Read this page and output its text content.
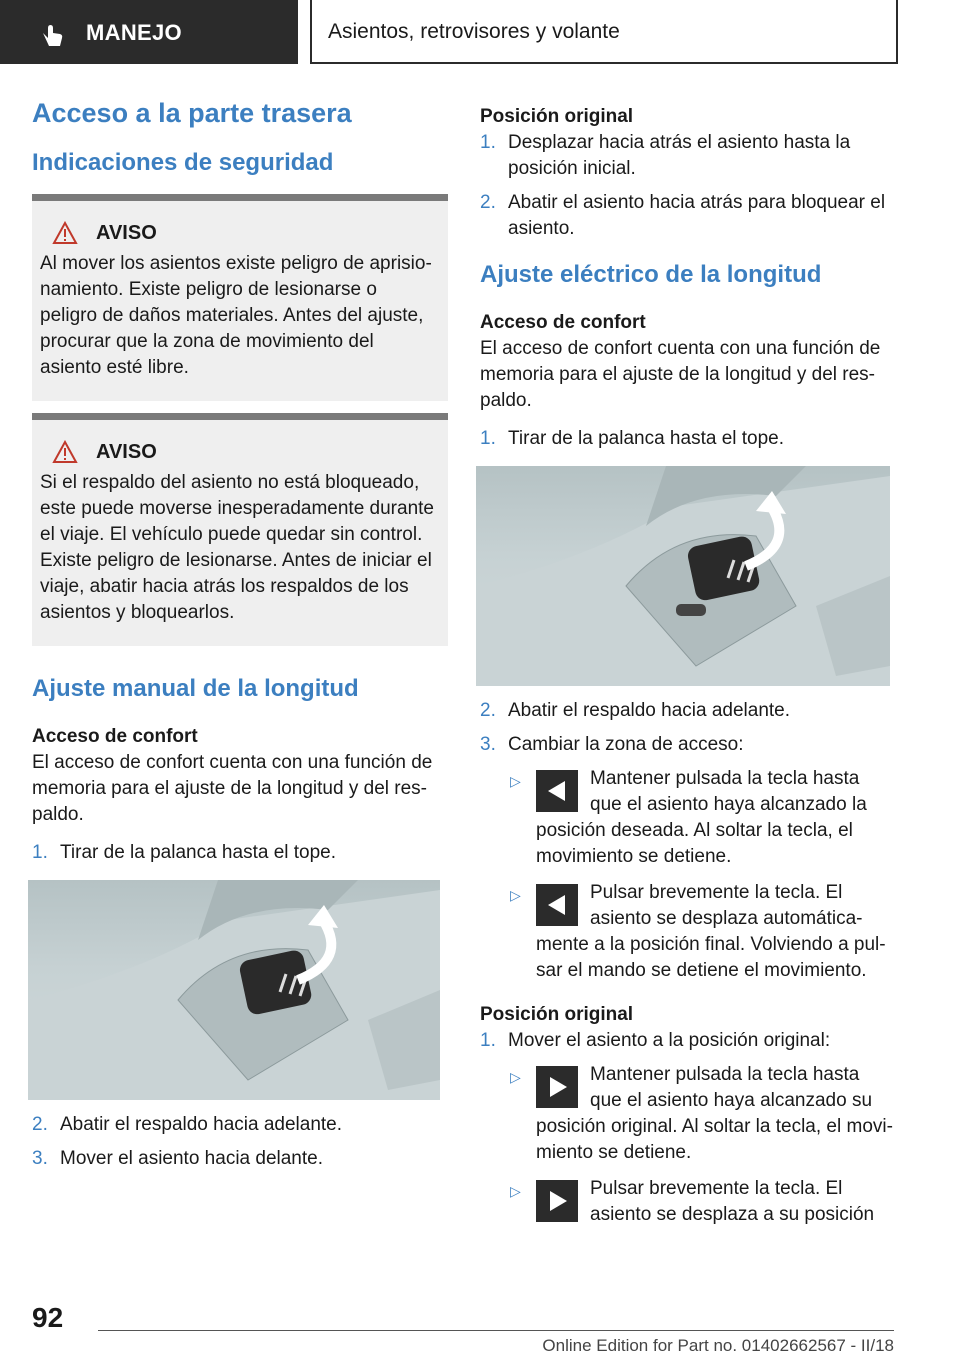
MANEJO	Asientos, retrovisores y volante
Acceso a la parte trasera
Indicaciones de seguridad
AVISO

Al mover los asientos existe peligro de aprisionamiento. Existe peligro de lesionarse o peligro de daños materiales. Antes del ajuste, procurar que la zona de movimiento del asiento esté libre.

AVISO

Si el respaldo del asiento no está bloqueado, este puede moverse inesperadamente durante el viaje. El vehículo puede quedar sin control. Existe peligro de lesionarse. Antes de iniciar el viaje, abatir hacia atrás los respaldos de los asientos y bloquearlos.

Ajuste manual de la longitud
Acceso de confort

El acceso de confort cuenta con una función de memoria para el ajuste de la longitud y del respaldo.

1. Tirar de la palanca hasta el tope.
2. Abatir el respaldo hacia adelante.
3. Mover el asiento hacia delante.
Posición original
1. Desplazar hacia atrás el asiento hasta la posición inicial.
2. Abatir el asiento hacia atrás para bloquear el asiento.
Ajuste eléctrico de la longitud
Acceso de confort

El acceso de confort cuenta con una función de memoria para el ajuste de la longitud y del respaldo.

1. Tirar de la palanca hasta el tope.
2. Abatir el respaldo hacia adelante.
3. Cambiar la zona de acceso:
▷	Mantener pulsada la tecla hasta que el asiento haya alcanzado la posición deseada. Al soltar la tecla, el movimiento se detiene.
▷	Pulsar brevemente la tecla. El asiento se desplaza automáticamente a la posición final. Volviendo a pulsar el mando se detiene el movimiento.
Posición original
1. Mover el asiento a la posición original:
▷	Mantener pulsada la tecla hasta que el asiento haya alcanzado su posición original. Al soltar la tecla, el movimiento se detiene.
▷	Pulsar brevemente la tecla. El asiento se desplaza a su posición
92
Online Edition for Part no. 01402662567 - II/18
